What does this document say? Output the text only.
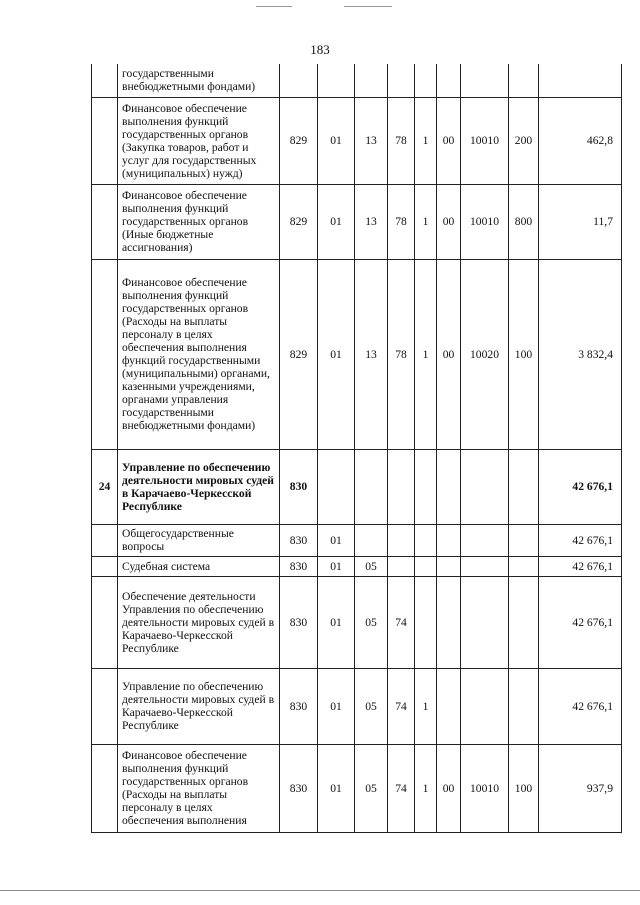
183
	государственными внебюджетными фондами)									
	Финансовое обеспечение выполнения функций государственных органов (Закупка товаров, работ и услуг для государственных (муниципальных) нужд)	829	01	13	78	1	00	10010	200	462,8
	Финансовое обеспечение выполнения функций государственных органов (Иные бюджетные ассигнования)	829	01	13	78	1	00	10010	800	11,7
	Финансовое обеспечение выполнения функций государственных органов (Расходы на выплаты персоналу в целях обеспечения выполнения функций государственными (муниципальными) органами, казенными учреждениями, органами управления государственными внебюджетными фондами)	829	01	13	78	1	00	10020	100	3 832,4
24	Управление по обеспечению деятельности мировых судей в Карачаево-Черкесской Республике	830								42 676,1
	Общегосударственные вопросы	830	01							42 676,1
	Судебная система	830	01	05						42 676,1
	Обеспечение деятельности Управления по обеспечению деятельности мировых судей в Карачаево-Черкесской Республике	830	01	05	74					42 676,1
	Управление по обеспечению деятельности мировых судей в Карачаево-Черкесской Республике	830	01	05	74	1				42 676,1
	Финансовое обеспечение выполнения функций государственных органов (Расходы на выплаты персоналу в целях обеспечения выполнения	830	01	05	74	1	00	10010	100	937,9
